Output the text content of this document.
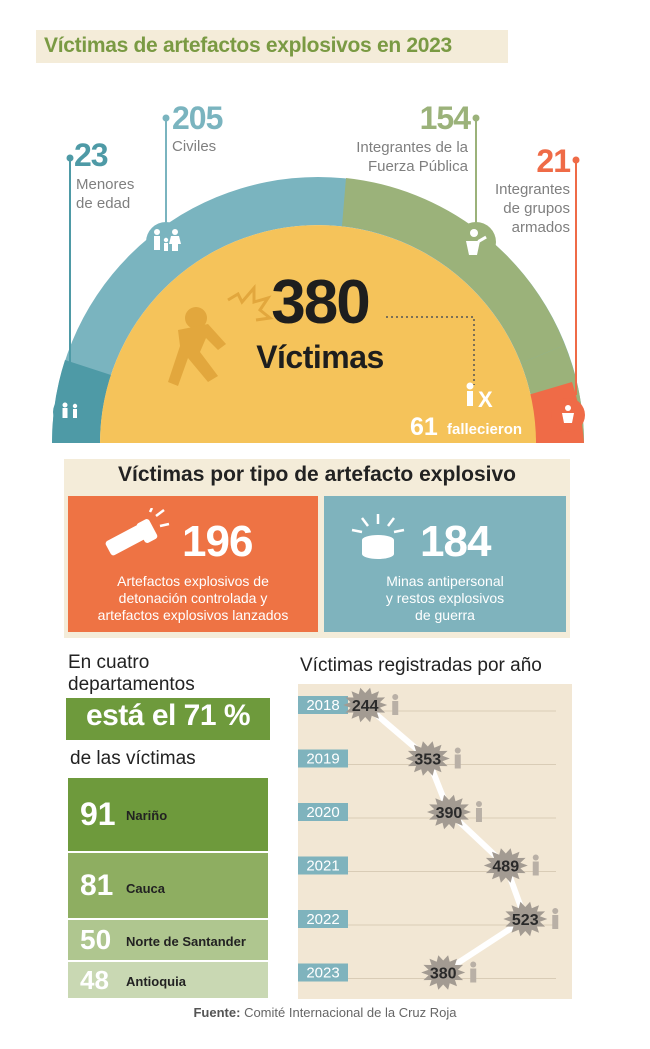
Víctimas de artefactos explosivos en 2023
X
23
Menores
de edad
205
Civiles
154
Integrantes de la
Fuerza Pública	21
Integrantes
de grupos
armados
380
Víctimas
61 fallecieron
Víctimas por tipo de artefacto explosivo
196
Artefactos explosivos de
detonación controlada y
artefactos explosivos lanzados
184
Minas antipersonal
y restos explosivos
de guerra
En cuatro
departamentos
está el 71 %
de las víctimas
91 Nariño
81 Cauca
50 Norte de Santander
48 Antioquia
Víctimas registradas por año
2018
2019
2020
2021
2022
2023
244
353
390
489
523
380
Fuente: Comité Internacional de la Cruz Roja
